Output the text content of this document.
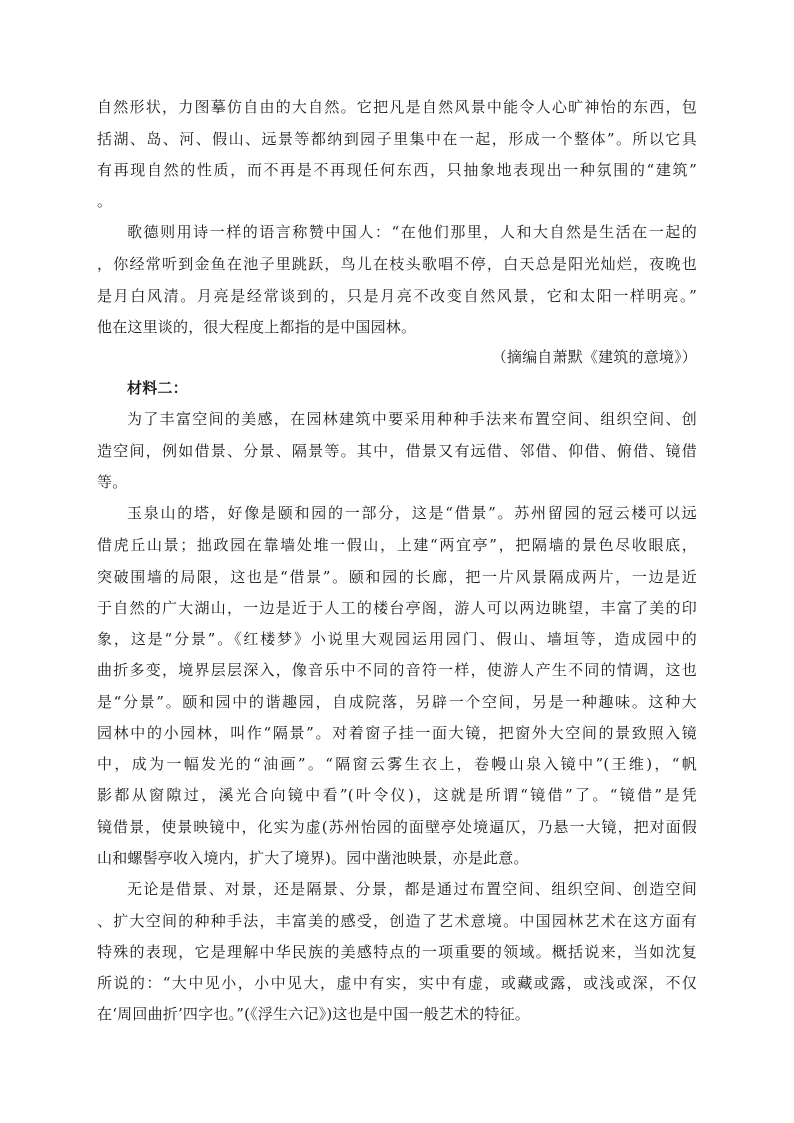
自然形状，力图摹仿自由的大自然。它把凡是自然风景中能令人心旷神怡的东西，包
括湖、岛、河、假山、远景等都纳到园子里集中在一起，形成一个整体”。所以它具
有再现自然的性质，而不再是不再现任何东西，只抽象地表现出一种氛围的“建筑”
。
歌德则用诗一样的语言称赞中国人：“在他们那里，人和大自然是生活在一起的
，你经常听到金鱼在池子里跳跃，鸟儿在枝头歌唱不停，白天总是阳光灿烂，夜晚也
是月白风清。月亮是经常谈到的，只是月亮不改变自然风景，它和太阳一样明亮。”
他在这里谈的，很大程度上都指的是中国园林。
（摘编自萧默《建筑的意境》）
材料二：
为了丰富空间的美感，在园林建筑中要采用种种手法来布置空间、组织空间、创
造空间，例如借景、分景、隔景等。其中，借景又有远借、邻借、仰借、俯借、镜借
等。
玉泉山的塔，好像是颐和园的一部分，这是“借景”。苏州留园的冠云楼可以远
借虎丘山景；拙政园在靠墙处堆一假山，上建“两宜亭”，把隔墙的景色尽收眼底，
突破围墙的局限，这也是“借景”。颐和园的长廊，把一片风景隔成两片，一边是近
于自然的广大湖山，一边是近于人工的楼台亭阁，游人可以两边眺望，丰富了美的印
象，这是“分景”。《红楼梦》小说里大观园运用园门、假山、墙垣等，造成园中的
曲折多变，境界层层深入，像音乐中不同的音符一样，使游人产生不同的情调，这也
是“分景”。颐和园中的谐趣园，自成院落，另辟一个空间，另是一种趣味。这种大
园林中的小园林，叫作“隔景”。对着窗子挂一面大镜，把窗外大空间的景致照入镜
中，成为一幅发光的“油画”。“隔窗云雾生衣上，卷幔山泉入镜中”(王维)，“帆
影都从窗隙过，溪光合向镜中看”(叶令仪)，这就是所谓“镜借”了。“镜借”是凭
镜借景，使景映镜中，化实为虚(苏州怡园的面壁亭处境逼仄，乃悬一大镜，把对面假
山和螺髻亭收入境内，扩大了境界)。园中凿池映景，亦是此意。
无论是借景、对景，还是隔景、分景，都是通过布置空间、组织空间、创造空间
、扩大空间的种种手法，丰富美的感受，创造了艺术意境。中国园林艺术在这方面有
特殊的表现，它是理解中华民族的美感特点的一项重要的领域。概括说来，当如沈复
所说的：“大中见小，小中见大，虚中有实，实中有虚，或藏或露，或浅或深，不仅
在‘周回曲折’四字也。”(《浮生六记》)这也是中国一般艺术的特征。
